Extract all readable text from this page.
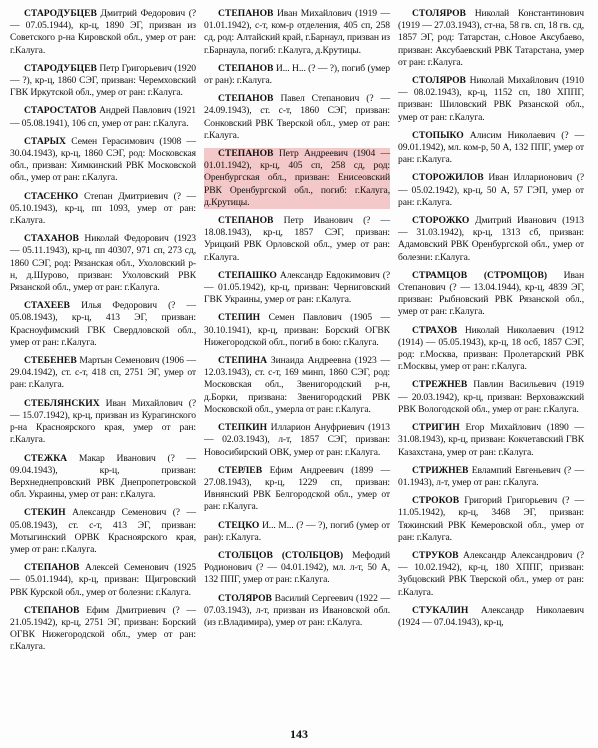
СТАРОДУБЦЕВ Дмитрий Федорович (? — 07.05.1944), кр-ц, 1890 ЭГ, призван из Советского р-на Кировской обл., умер от ран: г.Калуга.

СТАРОДУБЦЕВ Петр Григорьевич (1920 — ?), кр-ц, 1860 СЭГ, призван: Черемховский ГВК Иркутской обл., умер от ран: г.Калуга.

СТАРОСТАТОВ Андрей Павлович (1921 — 05.08.1941), 106 сп, умер от ран: г.Калуга.

СТАРЫХ Семен Герасимович (1908 — 30.04.1943), кр-ц, 1860 СЭГ, род: Московская обл., призван: Химкинский РВК Московской обл., умер от ран: г.Калуга.

СТАСЕНКО Степан Дмитриевич (? — 05.10.1943), кр-ц, пп 1093, умер от ран: г.Калуга.

СТАХАНОВ Николай Федорович (1923 — 05.11.1943), кр-ц, пп 40307, 971 сп, 273 сд, 1860 СЭГ, род: Рязанская обл., Ухоловский р-н, д.Шурово, призван: Ухоловский РВК Рязанской обл., умер от ран: г.Калуга.

СТАХЕЕВ Илья Федорович (? — 05.08.1943), кр-ц, 413 ЭГ, призван: Красноуфимский ГВК Свердловской обл., умер от ран: г.Калуга.

СТЕБЕНЕВ Мартын Семенович (1906 — 29.04.1942), ст. с-т, 418 сп, 2751 ЭГ, умер от ран: г.Калуга.

СТЕБЛЯНСКИХ Иван Михайлович (? — 15.07.1942), кр-ц, призван из Курагинского р-на Красноярского края, умер от ран: г.Калуга.

СТЕЖКА Макар Иванович (? — 09.04.1943), кр-ц, призван: Верхнеднепровский РВК Днепропетровской обл. Украины, умер от ран: г.Калуга.

СТЕКИН Александр Семенович (? — 05.08.1943), ст. с-т, 413 ЭГ, призван: Мотыгинский ОРВК Красноярского края, умер от ран: г.Калуга.

СТЕПАНОВ Алексей Семенович (1925 — 05.01.1944), кр-ц, призван: Щигровский РВК Курской обл., умер от болезни: г.Калуга.

СТЕПАНОВ Ефим Дмитриевич (? — 21.05.1942), кр-ц, 2751 ЭГ, призван: Борский ОГВК Нижегородской обл., умер от ран: г.Калуга.

СТЕПАНОВ Иван Михайлович (1919 — 01.01.1942), с-т, ком-р отделения, 405 сп, 258 сд, род: Алтайский край, г.Барнаул, призван из г.Барнаула, погиб: г.Калуга, д.Крутицы.

СТЕПАНОВ И... Н... (? — ?), погиб (умер от ран): г.Калуга.

СТЕПАНОВ Павел Степанович (? — 24.09.1943), ст. с-т, 1860 СЭГ, призван: Сонковский РВК Тверской обл., умер от ран: г.Калуга.

СТЕПАНОВ Петр Андреевич (1904 — 01.01.1942), кр-ц, 405 сп, 258 сд, род: Оренбургская обл., призван: Енисеовский РВК Оренбургской обл., погиб: г.Калуга, д.Крутицы.

СТЕПАНОВ Петр Иванович (? — 18.08.1943), кр-ц, 1857 СЭГ, призван: Урицкий РВК Орловской обл., умер от ран: г.Калуга.

СТЕПАШКО Александр Евдокимович (? — 01.05.1942), кр-ц, призван: Черниговский ГВК Украины, умер от ран: г.Калуга.

СТЕПИН Семен Павлович (1905 — 30.10.1941), кр-ц, призван: Борский ОГВК Нижегородской обл., погиб в бою: г.Калуга.

СТЕПИНА Зинаида Андреевна (1923 — 12.03.1943), ст. с-т, 169 минп, 1860 СЭГ, род: Московская обл., Звенигородский р-н, д.Борки, призвана: Звенигородский РВК Московской обл., умерла от ран: г.Калуга.

СТЕПКИН Илларион Ануфриевич (1913 — 02.03.1943), л-т, 1857 СЭГ, призван: Новосибирский ОВК, умер от ран: г.Калуга.

СТЕРЛЕВ Ефим Андреевич (1899 — 27.08.1943), кр-ц, 1229 сп, призван: Ивнянский РВК Белгородской обл., умер от ран: г.Калуга.

СТЕЦКО И... М... (? — ?), погиб (умер от ран): г.Калуга.

СТОЛБЦОВ (СТОЛБЦОВ) Мефодий Родионович (? — 04.01.1942), мл. л-т, 50 А, 132 ППГ, умер от ран: г.Калуга.

СТОЛЯРОВ Василий Сергеевич (1922 — 07.03.1943), л-т, призван из Ивановской обл. (из г.Владимира), умер от ран: г.Калуга.

СТОЛЯРОВ Николай Константинович (1919 — 27.03.1943), ст-на, 58 гв. сп, 18 гв. сд, 1857 ЭГ, род: Татарстан, с.Новое Аксубаево, призван: Аксубаевский РВК Татарстана, умер от ран: г.Калуга.

СТОЛЯРОВ Николай Михайлович (1910 — 08.02.1943), кр-ц, 1152 сп, 180 ХППГ, призван: Шиловский РВК Рязанской обл., умер от ран: г.Калуга.

СТОПЫКО Алисим Николаевич (? — 09.01.1942), мл. ком-р, 50 А, 132 ППГ, умер от ран: г.Калуга.

СТОРОЖИЛОВ Иван Илларионович (? — 05.02.1942), кр-ц, 50 А, 57 ГЭП, умер от ран: г.Калуга.

СТОРОЖКО Дмитрий Иванович (1913 — 31.03.1942), кр-ц, 1313 сб, призван: Адамовский РВК Оренбургской обл., умер от болезни: г.Калуга.

СТРАМЦОВ (СТРОМЦОВ) Иван Степанович (? — 13.04.1944), кр-ц, 4839 ЭГ, призван: Рыбновский РВК Рязанской обл., умер от ран: г.Калуга.

СТРАХОВ Николай Николаевич (1912 (1914) — 05.05.1943), кр-ц, 18 осб, 1857 СЭГ, род: г.Москва, призван: Пролетарский РВК г.Москвы, умер от ран: г.Калуга.

СТРЕЖНЕВ Павлин Васильевич (1919 — 20.03.1942), кр-ц, призван: Верховажский РВК Вологодской обл., умер от ран: г.Калуга.

СТРИГИН Егор Михайлович (1890 — 31.08.1943), кр-ц, призван: Кокчетавский ГВК Казахстана, умер от ран: г.Калуга.

СТРИЖНЕВ Евлампий Евгеньевич (? — 01.1943), л-т, умер от ран: г.Калуга.

СТРОКОВ Григорий Григорьевич (? — 11.05.1942), кр-ц, 3468 ЭГ, призван: Тяжинский РВК Кемеровской обл., умер от ран: г.Калуга.

СТРУКОВ Александр Александрович (? — 10.02.1942), кр-ц, 180 ХППГ, призван: Зубцовский РВК Тверской обл., умер от ран: г.Калуга.

СТУКАЛИН Александр Николаевич (1924 — 07.04.1943), кр-ц,

143
